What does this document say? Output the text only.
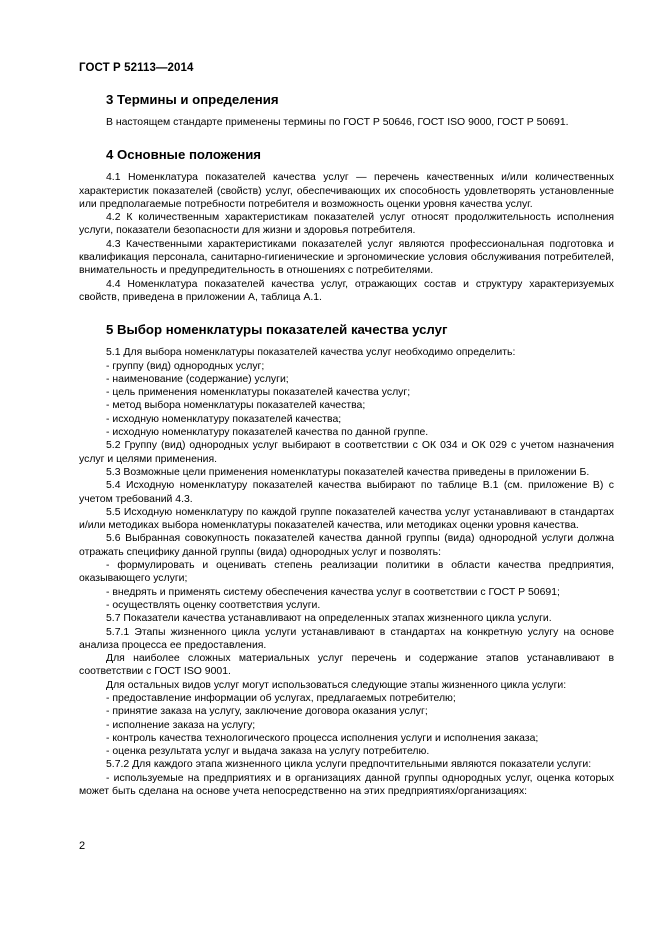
ГОСТ Р 52113—2014
3 Термины и определения

В настоящем стандарте применены термины по ГОСТ Р 50646, ГОСТ ISO 9000, ГОСТ Р 50691.

4 Основные положения

4.1 Номенклатура показателей качества услуг — перечень качественных и/или количественных характеристик показателей (свойств) услуг, обеспечивающих их способность удовлетворять установленные или предполагаемые потребности потребителя и возможность оценки уровня качества услуг.

4.2 К количественным характеристикам показателей услуг относят продолжительность исполнения услуги, показатели безопасности для жизни и здоровья потребителя.

4.3 Качественными характеристиками показателей услуг являются профессиональная подготовка и квалификация персонала, санитарно-гигиенические и эргономические условия обслуживания потребителей, внимательность и предупредительность в отношениях с потребителями.

4.4 Номенклатура показателей качества услуг, отражающих состав и структуру характеризуемых свойств, приведена в приложении А, таблица А.1.

5 Выбор номенклатуры показателей качества услуг

5.1 Для выбора номенклатуры показателей качества услуг необходимо определить:

- группу (вид) однородных услуг;

- наименование (содержание) услуги;

- цель применения номенклатуры показателей качества услуг;

- метод выбора номенклатуры показателей качества;

- исходную номенклатуру показателей качества;

- исходную номенклатуру показателей качества по данной группе.

5.2 Группу (вид) однородных услуг выбирают в соответствии с ОК 034 и ОК 029 с учетом назначения услуг и целями применения.

5.3 Возможные цели применения номенклатуры показателей качества приведены в приложении Б.

5.4 Исходную номенклатуру показателей качества выбирают по таблице В.1 (см. приложение В) с учетом требований 4.3.

5.5 Исходную номенклатуру по каждой группе показателей качества услуг устанавливают в стандартах и/или методиках выбора номенклатуры показателей качества, или методиках оценки уровня качества.

5.6 Выбранная совокупность показателей качества данной группы (вида) однородной услуги должна отражать специфику данной группы (вида) однородных услуг и позволять:

- формулировать и оценивать степень реализации политики в области качества предприятия, оказывающего услуги;

- внедрять и применять систему обеспечения качества услуг в соответствии с ГОСТ Р 50691;

- осуществлять оценку соответствия услуги.

5.7 Показатели качества устанавливают на определенных этапах жизненного цикла услуги.

5.7.1 Этапы жизненного цикла услуги устанавливают в стандартах на конкретную услугу на основе анализа процесса ее предоставления.

Для наиболее сложных материальных услуг перечень и содержание этапов устанавливают в соответствии с ГОСТ ISO 9001.

Для остальных видов услуг могут использоваться следующие этапы жизненного цикла услуги:

- предоставление информации об услугах, предлагаемых потребителю;

- принятие заказа на услугу, заключение договора оказания услуг;

- исполнение заказа на услугу;

- контроль качества технологического процесса исполнения услуги и исполнения заказа;

- оценка результата услуг и выдача заказа на услугу потребителю.

5.7.2 Для каждого этапа жизненного цикла услуги предпочтительными являются показатели услуги:

- используемые на предприятиях и в организациях данной группы однородных услуг, оценка которых может быть сделана на основе учета непосредственно на этих предприятиях/организациях:

2
